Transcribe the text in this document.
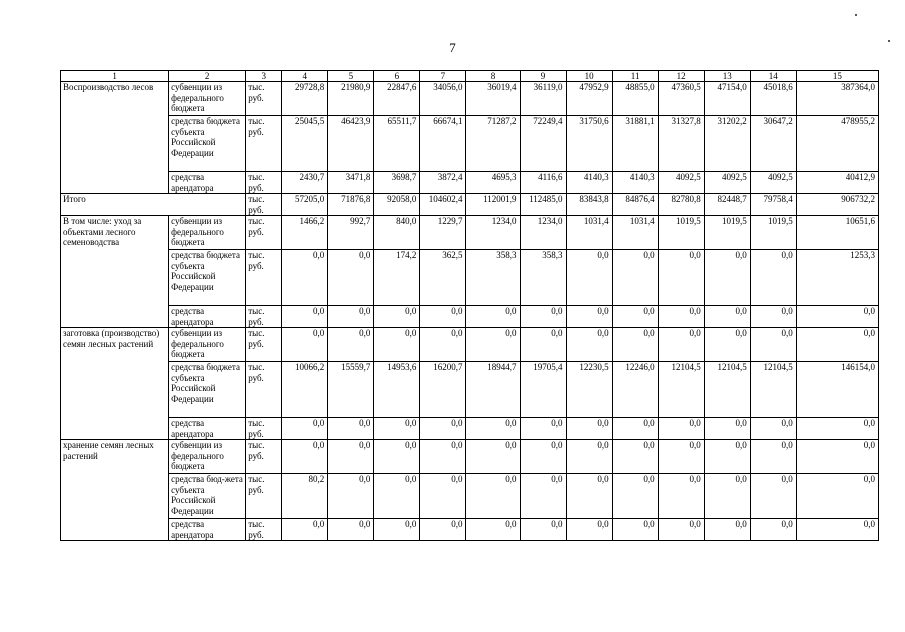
7
1	2	3	4	5	6	7	8	9	10	11	12	13	14	15
Воспроизводство лесов	субвенции из федерального бюджета	тыс. руб.	29728,8	21980,9	22847,6	34056,0	36019,4	36119,0	47952,9	48855,0	47360,5	47154,0	45018,6	387364,0
	средства бюджета субъекта Российской Федерации	тыс. руб.	25045,5	46423,9	65511,7	66674,1	71287,2	72249,4	31750,6	31881,1	31327,8	31202,2	30647,2	478955,2
	средства арендатора	тыс. руб.	2430,7	3471,8	3698,7	3872,4	4695,3	4116,6	4140,3	4140,3	4092,5	4092,5	4092,5	40412,9
Итого		тыс. руб.	57205,0	71876,8	92058,0	104602,4	112001,9	112485,0	83843,8	84876,4	82780,8	82448,7	79758,4	906732,2
В том числе: уход за объектами лесного семеноводства	субвенции из федерального бюджета	тыс. руб.	1466,2	992,7	840,0	1229,7	1234,0	1234,0	1031,4	1031,4	1019,5	1019,5	1019,5	10651,6
	средства бюджета субъекта Российской Федерации	тыс. руб.	0,0	0,0	174,2	362,5	358,3	358,3	0,0	0,0	0,0	0,0	0,0	1253,3
	средства арендатора	тыс. руб.	0,0	0,0	0,0	0,0	0,0	0,0	0,0	0,0	0,0	0,0	0,0	0,0
заготовка (производство) семян лесных растений	субвенции из федерального бюджета	тыс. руб.	0,0	0,0	0,0	0,0	0,0	0,0	0,0	0,0	0,0	0,0	0,0	0,0
	средства бюджета субъекта Российской Федерации	тыс. руб.	10066,2	15559,7	14953,6	16200,7	18944,7	19705,4	12230,5	12246,0	12104,5	12104,5	12104,5	146154,0
	средства арендатора	тыс. руб.	0,0	0,0	0,0	0,0	0,0	0,0	0,0	0,0	0,0	0,0	0,0	0,0
хранение семян лесных растений	субвенции из федерального бюджета	тыс. руб.	0,0	0,0	0,0	0,0	0,0	0,0	0,0	0,0	0,0	0,0	0,0	0,0
	средства бюд-жета субъекта Российской Федерации	тыс. руб.	80,2	0,0	0,0	0,0	0,0	0,0	0,0	0,0	0,0	0,0	0,0	0,0
	средства арендатора	тыс. руб.	0,0	0,0	0,0	0,0	0,0	0,0	0,0	0,0	0,0	0,0	0,0	0,0
